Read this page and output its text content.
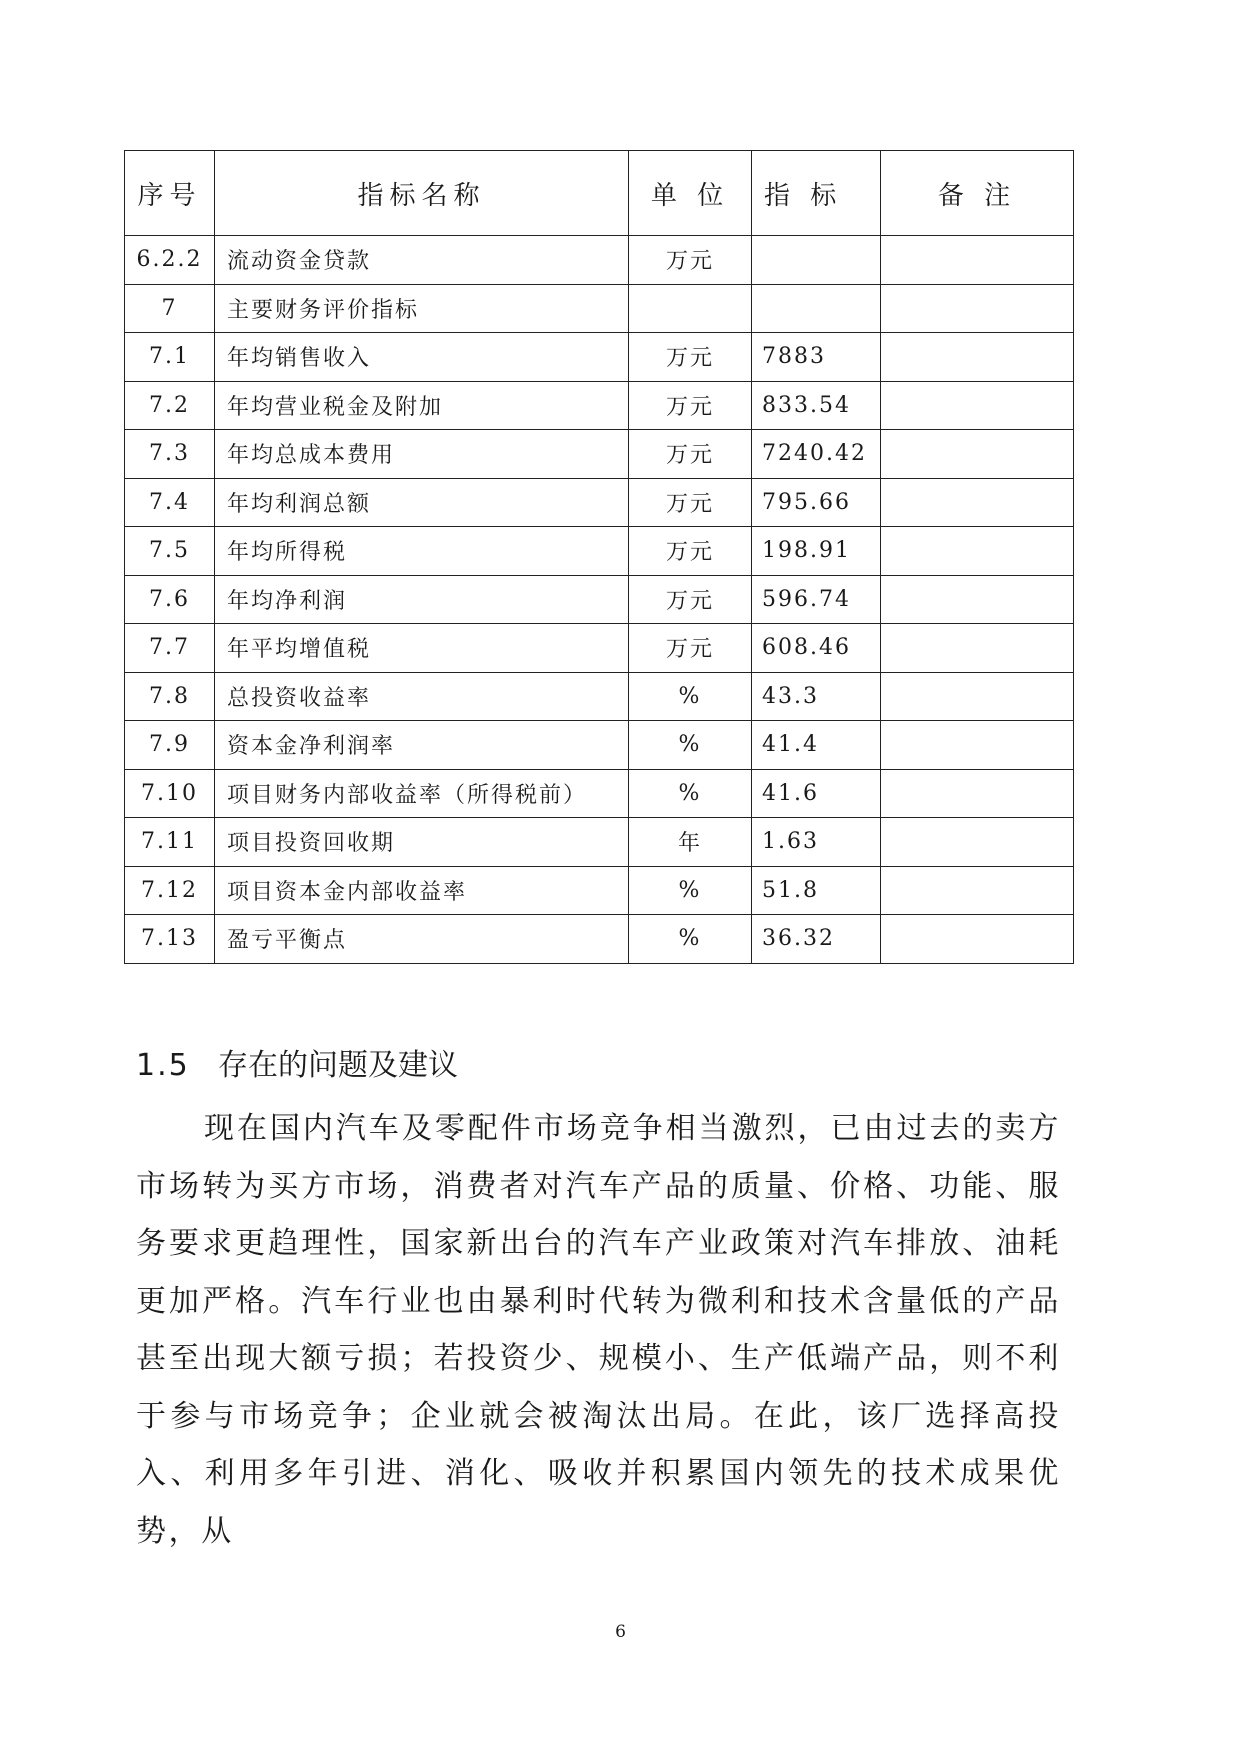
序号	指标名称	单 位	指 标	备 注
6.2.2	流动资金贷款	万元		
7	主要财务评价指标			
7.1	年均销售收入	万元	7883	
7.2	年均营业税金及附加	万元	833.54	
7.3	年均总成本费用	万元	7240.42	
7.4	年均利润总额	万元	795.66	
7.5	年均所得税	万元	198.91	
7.6	年均净利润	万元	596.74	
7.7	年平均增值税	万元	608.46	
7.8	总投资收益率	%	43.3	
7.9	资本金净利润率	%	41.4	
7.10	项目财务内部收益率（所得税前）	%	41.6	
7.11	项目投资回收期	年	1.63	
7.12	项目资本金内部收益率	%	51.8	
7.13	盈亏平衡点	%	36.32	
1.5 存在的问题及建议

现在国内汽车及零配件市场竞争相当激烈，已由过去的卖方市场转为买方市场，消费者对汽车产品的质量、价格、功能、服务要求更趋理性，国家新出台的汽车产业政策对汽车排放、油耗更加严格。汽车行业也由暴利时代转为微利和技术含量低的产品甚至出现大额亏损；若投资少、规模小、生产低端产品，则不利于参与市场竞争；企业就会被淘汰出局。在此，该厂选择高投入、利用多年引进、消化、吸收并积累国内领先的技术成果优势，从

6
